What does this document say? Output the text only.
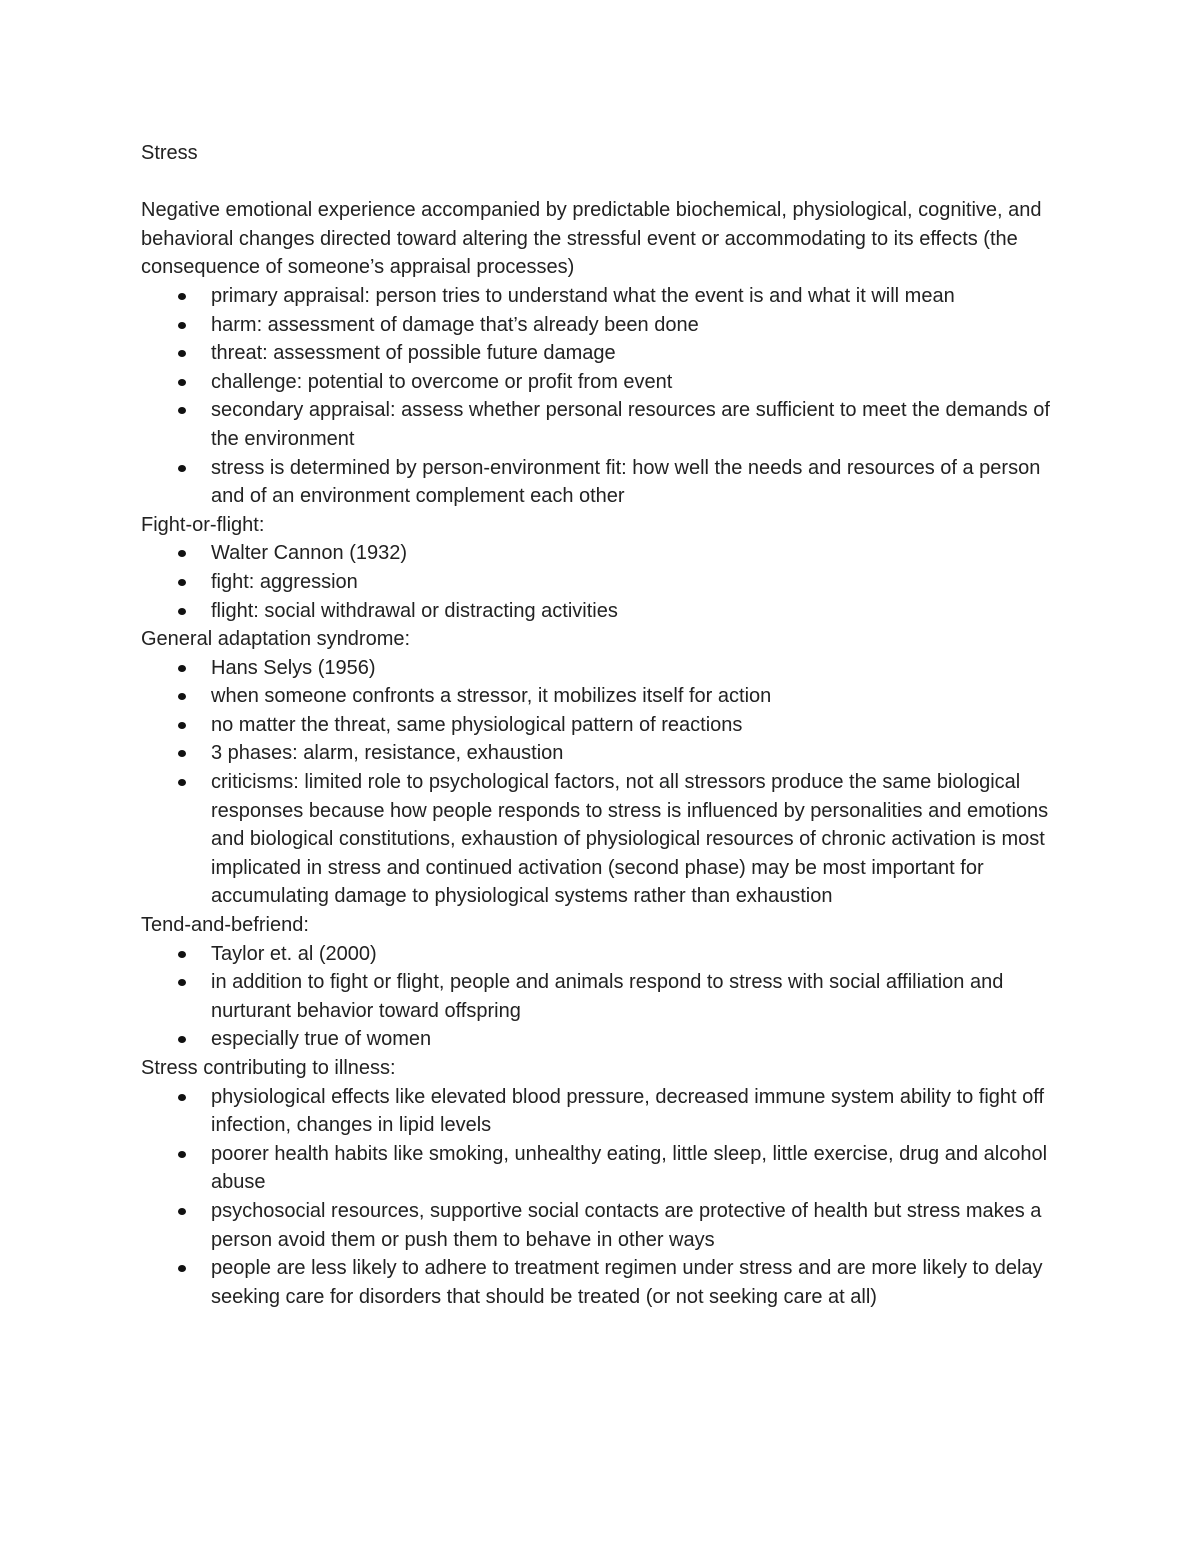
Stress

Negative emotional experience accompanied by predictable biochemical, physiological, cognitive, and behavioral changes directed toward altering the stressful event or accommodating to its effects (the consequence of someone’s appraisal processes)

primary appraisal: person tries to understand what the event is and what it will mean
harm: assessment of damage that’s already been done
threat: assessment of possible future damage
challenge: potential to overcome or profit from event
secondary appraisal: assess whether personal resources are sufficient to meet the demands of the environment
stress is determined by person-environment fit: how well the needs and resources of a person and of an environment complement each other

Fight-or-flight:

Walter Cannon (1932)
fight: aggression
flight: social withdrawal or distracting activities

General adaptation syndrome:

Hans Selys (1956)
when someone confronts a stressor, it mobilizes itself for action
no matter the threat, same physiological pattern of reactions
3 phases: alarm, resistance, exhaustion
criticisms: limited role to psychological factors, not all stressors produce the same biological responses because how people responds to stress is influenced by personalities and emotions and biological constitutions, exhaustion of physiological resources of chronic activation is most implicated in stress and continued activation (second phase) may be most important for accumulating damage to physiological systems rather than exhaustion

Tend-and-befriend:

Taylor et. al (2000)
in addition to fight or flight, people and animals respond to stress with social affiliation and nurturant behavior toward offspring
especially true of women

Stress contributing to illness:

physiological effects like elevated blood pressure, decreased immune system ability to fight off infection, changes in lipid levels
poorer health habits like smoking, unhealthy eating, little sleep, little exercise, drug and alcohol abuse
psychosocial resources, supportive social contacts are protective of health but stress makes a person avoid them or push them to behave in other ways
people are less likely to adhere to treatment regimen under stress and are more likely to delay seeking care for disorders that should be treated (or not seeking care at all)
